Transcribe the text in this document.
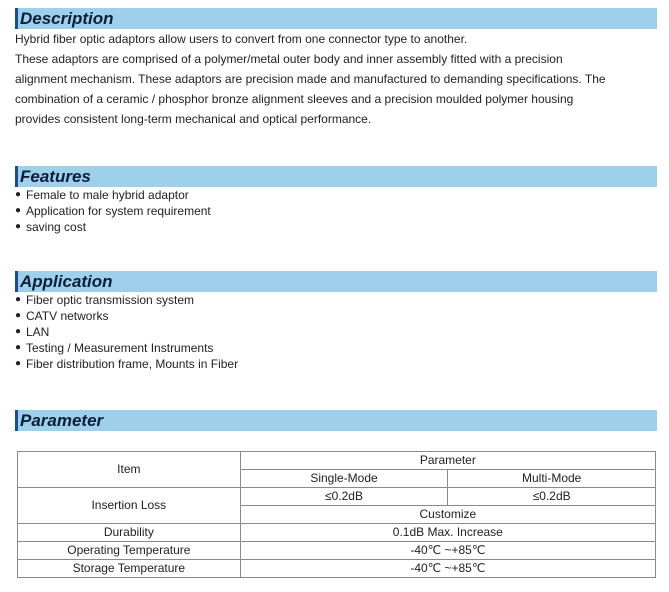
Description
Hybrid fiber optic adaptors allow users to convert from one connector type to another.
These adaptors are comprised of a polymer/metal outer body and inner assembly fitted with a precision
alignment mechanism. These adaptors are precision made and manufactured to demanding specifications. The
combination of a ceramic / phosphor bronze alignment sleeves and a precision moulded polymer housing
provides consistent long-term mechanical and optical performance.
Features
● Female to male hybrid adaptor
● Application for system requirement
● saving cost
Application
● Fiber optic transmission system
● CATV networks
● LAN
● Testing / Measurement Instruments
● Fiber distribution frame, Mounts in Fiber
Parameter
Item	Parameter	
	Single-Mode	Multi-Mode
Insertion Loss	≤0.2dB	≤0.2dB
	Customize	
Durability	0.1dB Max. Increase	
Operating Temperature	-40℃ ~+85℃	
Storage Temperature	-40℃ ~+85℃	
